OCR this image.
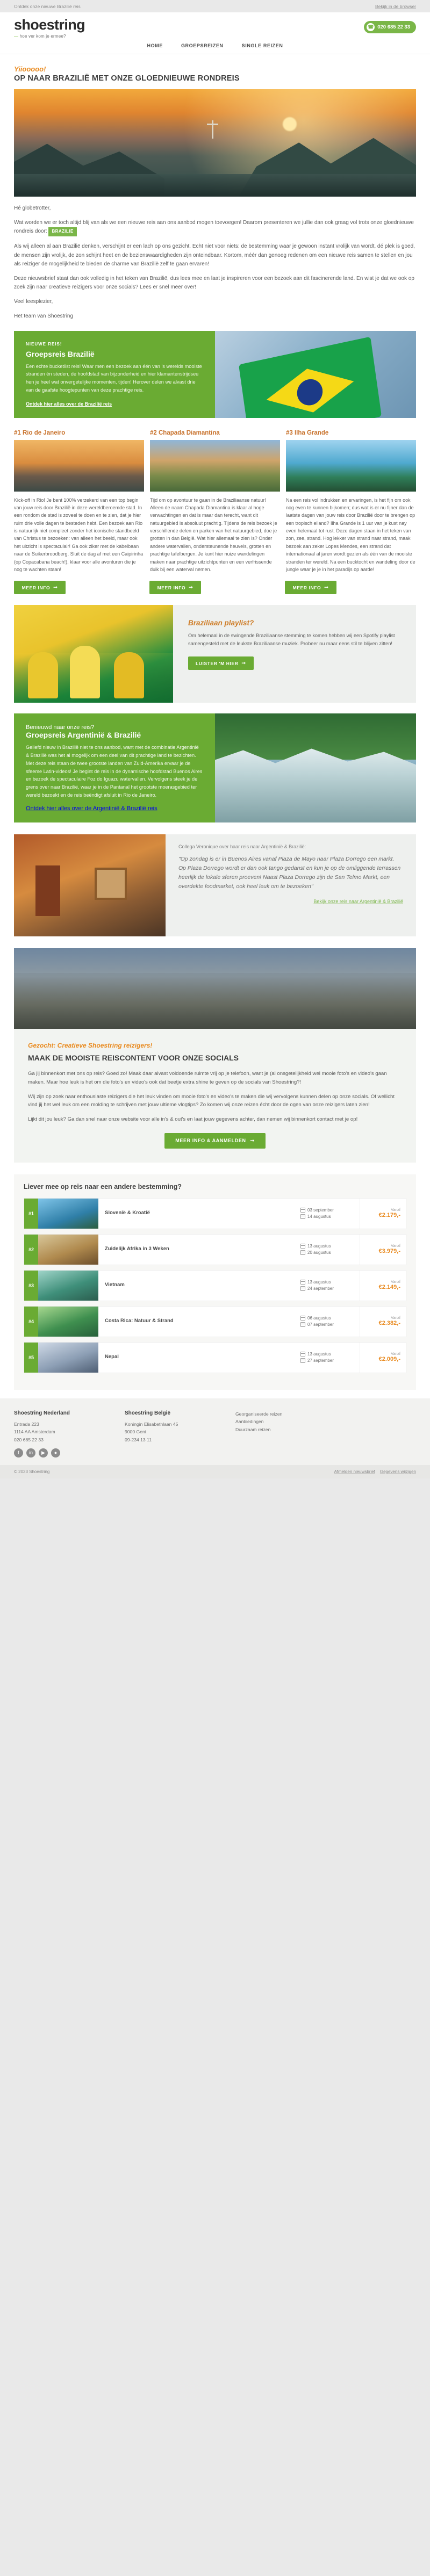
Ontdek onze nieuwe Brazilië reis	Bekijk in de browser
shoestring
— hoe ver kom je ermee?
☎ 020 685 22 33
HOME	GROEPSREIZEN	SINGLE REIZEN
Yiiooooo!
OP NAAR BRAZILIË MET ONZE GLOEDNIEUWE RONDREIS

Hé globetrotter,

Wat worden we er toch altijd blij van als we een nieuwe reis aan ons aanbod mogen toevoegen! Daarom presenteren we jullie dan ook graag vol trots onze gloednieuwe rondreis door: BRAZILIË

Als wij alleen al aan Brazilië denken, verschijnt er een lach op ons gezicht. Echt niet voor niets: de bestemming waar je gewoon instant vrolijk van wordt, dé plek is goed, de mensen zijn vrolijk, de zon schijnt heet en de bezienswaardigheden zijn onteindbaar. Kortom, méér dan genoeg redenen om een nieuwe reis samen te stellen en jou als reiziger de mogelijkheid te bieden de charme van Brazilië zelf te gaan ervaren!

Deze nieuwsbrief staat dan ook volledig in het teken van Brazilië, dus lees mee en laat je inspireren voor een bezoek aan dit fascinerende land. En wist je dat we ook op zoek zijn naar creatieve reizigers voor onze socials? Lees er snel meer over!

Veel leesplezier,

Het team van Shoestring

NIEUWE REIS!
Groepsreis Brazilië

Een echte bucketlist reis! Waar men een bezoek aan één van 's werelds mooiste stranden én steden, de hoofdstad van bijzonderheid en hier klamantenstrijdseu hen je heel wat onvergetelijke momenten, tijden! Herover delen we alvast drie van de gaafste hoogtepunten van deze prachtige reis.

Ontdek hier alles over de Brazilië reis
#1 Rio de Janeiro

Kick-off in Rio! Je bent 100% verzekerd van een top begin van jouw reis door Brazilië in deze wereldberoemde stad. In een rondom de stad is zoveel te doen en te zien, dat je hier ruim drie volle dagen te besteden hebt. Een bezoek aan Rio is natuurlijk niet compleet zonder het iconische standbeeld van Christus te bezoeken: van alleen het beeld, maar ook het uitzicht is spectaculair! Ga ook ziker met de kabelbaan naar de Suikerbroodberg. Sluit de dag af met een Caipirinha (op Copacabana beach!), klaar voor alle avonturen die je nog te wachten staan!

#2 Chapada Diamantina

Tijd om op avontuur te gaan in de Braziliaanse natuur! Alleen de naam Chapada Diamantina is klaar al hoge verwachtingen en dat is maar dan terecht, want dit natuurgebied is absoluut prachtig. Tijdens de reis bezoek je verschillende delen en parken van het natuurgebied, doe je grotten in dan België. Wat hier allemaal te zien is? Onder andere watervallen, ondersteunende heuvels, grotten en prachtige tafelbergen. Je kunt hier nuize wandelingen maken naar prachtige uitzichtpunten en een verfrissende duik bij een waterval nemen.

#3 Ilha Grande

Na een reis vol indrukken en ervaringen, is het fijn om ook nog even te kunnen bijkomen; dus wat is er nu fijner dan de laatste dagen van jouw reis door Brazilië door te brengen op een tropisch eiland? Ilha Grande is 1 uur van je kust nay even helemaal tot rust. Deze dagen staan in het teken van zon, zee, strand. Hog lekker van strand naar strand, maak bezoek aan zeker Lopes Mendes, een strand dat internationaal al jaren wordt gezien als één van de mooiste stranden ter wereld. Na een bucktocht en wandeling door de jungle waar je je in het paradijs op aarde!

MEER INFO ➞	MEER INFO ➞	MEER INFO ➞
Braziliaan playlist?

Om helemaal in de swingende Braziliaanse stemming te komen hebben wij een Spotify playlist samengesteld met de leukste Braziliaanse muziek. Probeer nu maar eens stil te blijven zitten!

LUISTER 'M HIER ➞
Benieuwd naar onze reis?
Groepsreis Argentinië & Brazilië

Geliefd nieuw in Brazilië niet te ons aanbod, want met de combinatie Argentinië & Brazilië was het al mogelijk om een deel van dit prachtige land te bezichten. Met deze reis staan de twee grootste landen van Zuid-Amerika ervaar je de sfeeme Latin-videos! Je begint de reis in de dynamische hoofdstad Buenos Aires en bezoek de spectaculaire Foz do Iguazu watervallen. Vervolgens steek je de grens over naar Brazilië, waar je in de Pantanal het grootste moerasgebied ter wereld bezoekt en de reis beëndigt afsluit in Rio de Janeiro.

Ontdek hier alles over de Argentinië & Brazilië reis

Collega Veronique over haar reis naar Argentinië & Brazilië:

"Op zondag is er in Buenos Aires vanaf Plaza de Mayo naar Plaza Dorrego een markt. Op Plaza Dorrego wordt er dan ook tango gedanst en kun je op de omliggende terrassen heerlijk de lokale sferen proeven! Naast Plaza Dorrego zijn de San Telmo Markt, een overdekte foodmarket, ook heel leuk om te bezoeken"

Bekijk onze reis naar Argentinië & Brazilië

Gezocht: Creatieve Shoestring reizigers!

MAAK DE MOOISTE REISCONTENT VOOR ONZE SOCIALS

Ga jij binnenkort met ons op reis? Goed zo! Maak daar alvast voldoende ruimte vrij op je telefoon, want je (al onsgetelijkheid wel mooie foto's en video's gaan maken. Maar hoe leuk is het om die foto's en video's ook dat beetje extra shine te geven op de socials van Shoestring?!

Wij zijn op zoek naar enthousiaste reizigers die het leuk vinden om mooie foto's en video's te maken die wij vervolgens kunnen delen op onze socials. Of wellicht vind jij het wel leuk om een molding te schrijven met jouw ultieme vlogtips? Zo komen wij onze reizen écht door de ogen van onze reizigers laten zien!

Lijkt dit jou leuk? Ga dan snel naar onze website voor alle in's & out's en laat jouw gegevens achter, dan nemen wij binnenkort contact met je op!

MEER INFO & AANMELDEN ➞
Liever mee op reis naar een andere bestemming?
#1	Slovenië & Kroatië	03 september
14 augustus
Vanaf
€2.179,-
#2	Zuidelijk Afrika in 3 Weken	13 augustus
20 augustus
Vanaf
€3.979,-
#3	Vietnam	13 augustus
24 september
Vanaf
€2.149,-
#4	Costa Rica: Natuur & Strand	06 augustus
07 september
Vanaf
€2.382,-
#5	Nepal	13 augustus
27 september
Vanaf
€2.009,-
Shoestring Nederland

Entrada 223

1114 AA Amsterdam

020 685 22 33

f	in	▶	●
Shoestring België

Koningin Elisabethlaan 45

9000 Gent

09-234 13 11

Georganiseerde reizen
Aanbiedingen
Duurzaam reizen
© 2023 Shoestring	Afmelden nieuwsbrief Gegevens wijzigen
